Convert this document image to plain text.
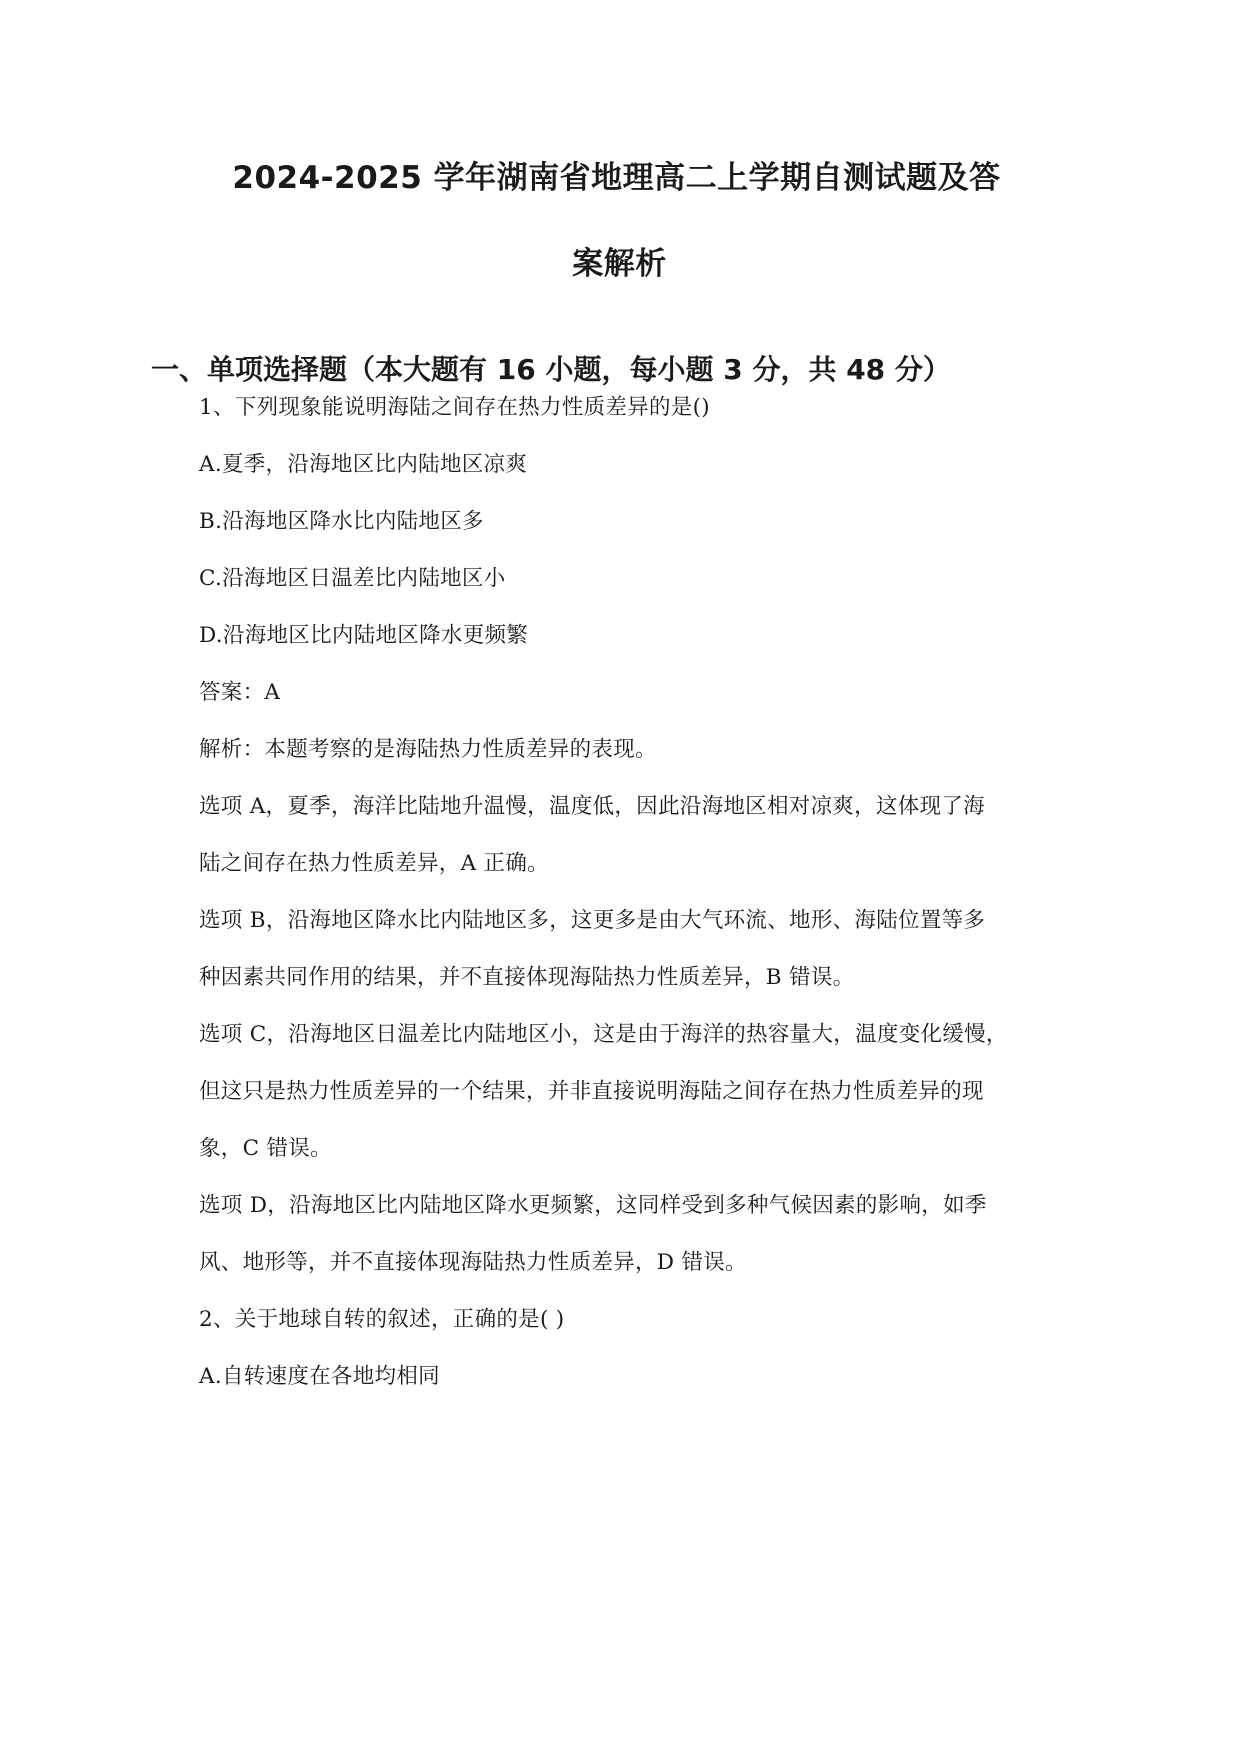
2024-2025 学年湖南省地理高二上学期自测试题及答
案解析
一、单项选择题（本大题有 16 小题，每小题 3 分，共 48 分）
1、下列现象能说明海陆之间存在热力性质差异的是()
A.夏季，沿海地区比内陆地区凉爽
B.沿海地区降水比内陆地区多
C.沿海地区日温差比内陆地区小
D.沿海地区比内陆地区降水更频繁
答案：A
解析：本题考察的是海陆热力性质差异的表现。
选项 A，夏季，海洋比陆地升温慢，温度低，因此沿海地区相对凉爽，这体现了海
陆之间存在热力性质差异，A 正确。
选项 B，沿海地区降水比内陆地区多，这更多是由大气环流、地形、海陆位置等多
种因素共同作用的结果，并不直接体现海陆热力性质差异，B 错误。
选项 C，沿海地区日温差比内陆地区小，这是由于海洋的热容量大，温度变化缓慢，
但这只是热力性质差异的一个结果，并非直接说明海陆之间存在热力性质差异的现
象，C 错误。
选项 D，沿海地区比内陆地区降水更频繁，这同样受到多种气候因素的影响，如季
风、地形等，并不直接体现海陆热力性质差异，D 错误。
2、关于地球自转的叙述，正确的是( )
A.自转速度在各地均相同
